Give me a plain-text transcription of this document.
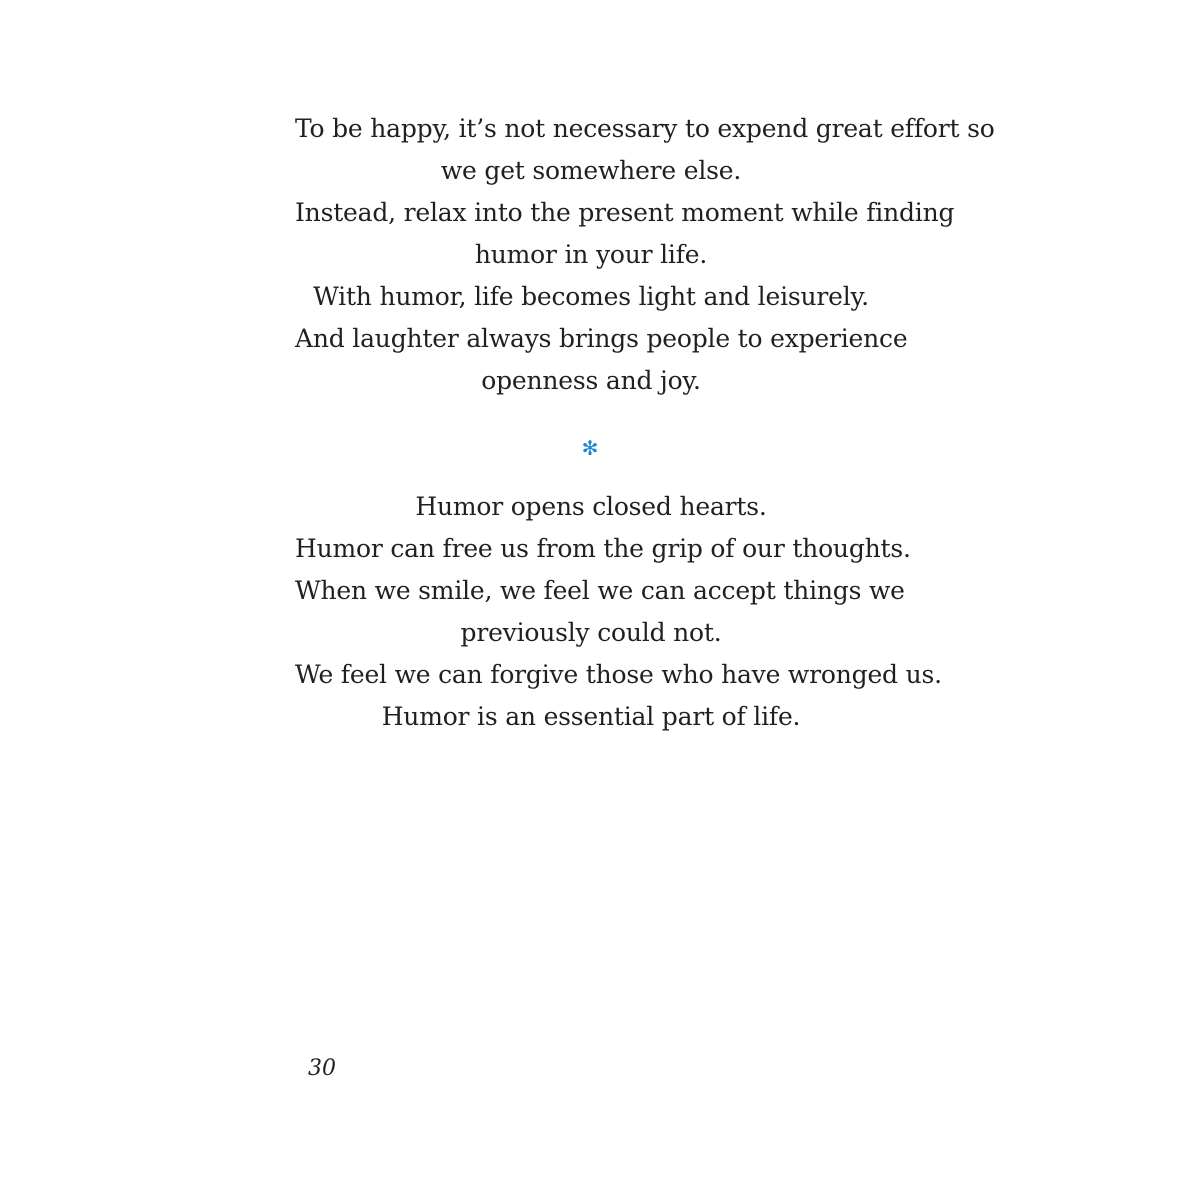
To be happy, it’s not necessary to expend great effort so
we get somewhere else.
Instead, relax into the present moment while finding
humor in your life.
With humor, life becomes light and leisurely.
And laughter always brings people to experience
openness and joy.
✻
Humor opens closed hearts.
Humor can free us from the grip of our thoughts.
When we smile, we feel we can accept things we
previously could not.
We feel we can forgive those who have wronged us.
Humor is an essential part of life.
30
